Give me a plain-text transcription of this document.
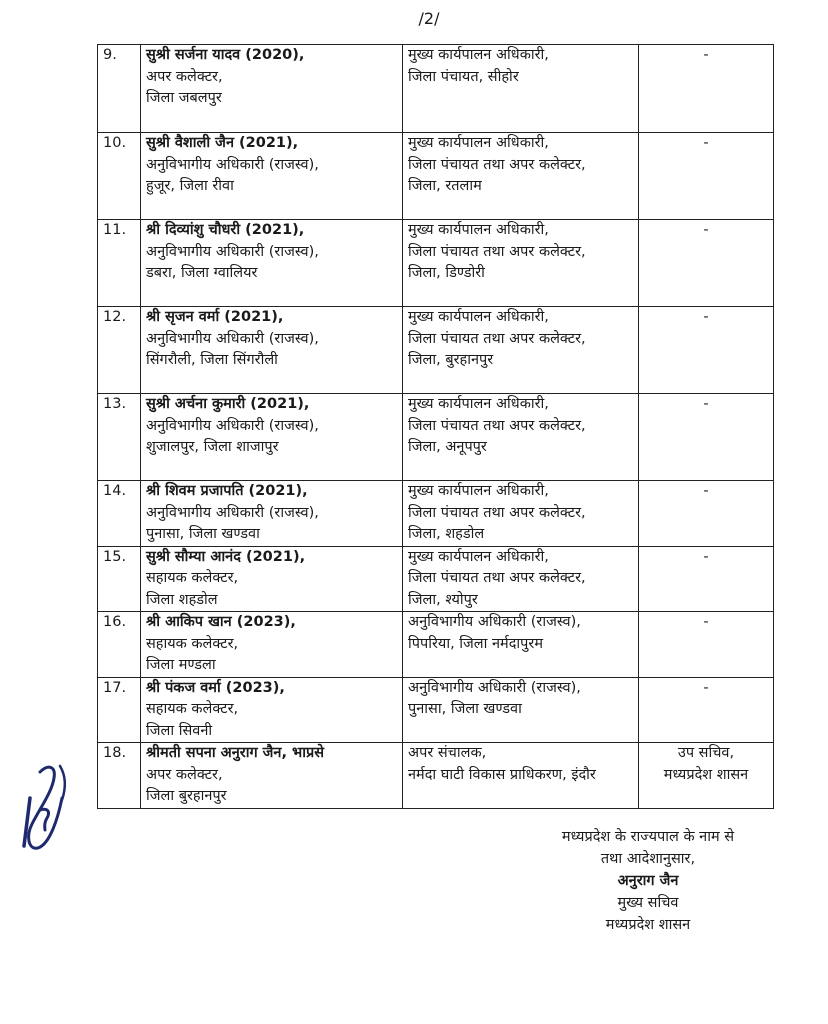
/2/
9.	सुश्री सर्जना यादव (2020),
अपर कलेक्टर,
जिला जबलपुर	मुख्य कार्यपालन अधिकारी,
जिला पंचायत, सीहोर	-

10.	सुश्री वैशाली जैन (2021),
अनुविभागीय अधिकारी (राजस्व),
हुजूर, जिला रीवा	मुख्य कार्यपालन अधिकारी,
जिला पंचायत तथा अपर कलेक्टर,
जिला, रतलाम	-

11.	श्री दिव्यांशु चौधरी (2021),
अनुविभागीय अधिकारी (राजस्व),
डबरा, जिला ग्वालियर	मुख्य कार्यपालन अधिकारी,
जिला पंचायत तथा अपर कलेक्टर,
जिला, डिण्डोरी	-

12.	श्री सृजन वर्मा (2021),
अनुविभागीय अधिकारी (राजस्व),
सिंगरौली, जिला सिंगरौली	मुख्य कार्यपालन अधिकारी,
जिला पंचायत तथा अपर कलेक्टर,
जिला, बुरहानपुर	-

13.	सुश्री अर्चना कुमारी (2021),
अनुविभागीय अधिकारी (राजस्व),
शुजालपुर, जिला शाजापुर	मुख्य कार्यपालन अधिकारी,
जिला पंचायत तथा अपर कलेक्टर,
जिला, अनूपपुर	-

14.	श्री शिवम प्रजापति (2021),
अनुविभागीय अधिकारी (राजस्व),
पुनासा, जिला खण्डवा	मुख्य कार्यपालन अधिकारी,
जिला पंचायत तथा अपर कलेक्टर,
जिला, शहडोल	-

15.	सुश्री सौम्या आनंद (2021),
सहायक कलेक्टर,
जिला शहडोल	मुख्य कार्यपालन अधिकारी,
जिला पंचायत तथा अपर कलेक्टर,
जिला, श्योपुर	-

16.	श्री आकिप खान (2023),
सहायक कलेक्टर,
जिला मण्डला	अनुविभागीय अधिकारी (राजस्व),
पिपरिया, जिला नर्मदापुरम	-

17.	श्री पंकज वर्मा (2023),
सहायक कलेक्टर,
जिला सिवनी	अनुविभागीय अधिकारी (राजस्व),
पुनासा, जिला खण्डवा	-

18.	श्रीमती सपना अनुराग जैन, भाप्रसे
अपर कलेक्टर,
जिला बुरहानपुर	अपर संचालक,
नर्मदा घाटी विकास प्राधिकरण, इंदौर	उप सचिव,
मध्यप्रदेश शासन
मध्यप्रदेश के राज्यपाल के नाम से
तथा आदेशानुसार,
अनुराग जैन
मुख्य सचिव
मध्यप्रदेश शासन
